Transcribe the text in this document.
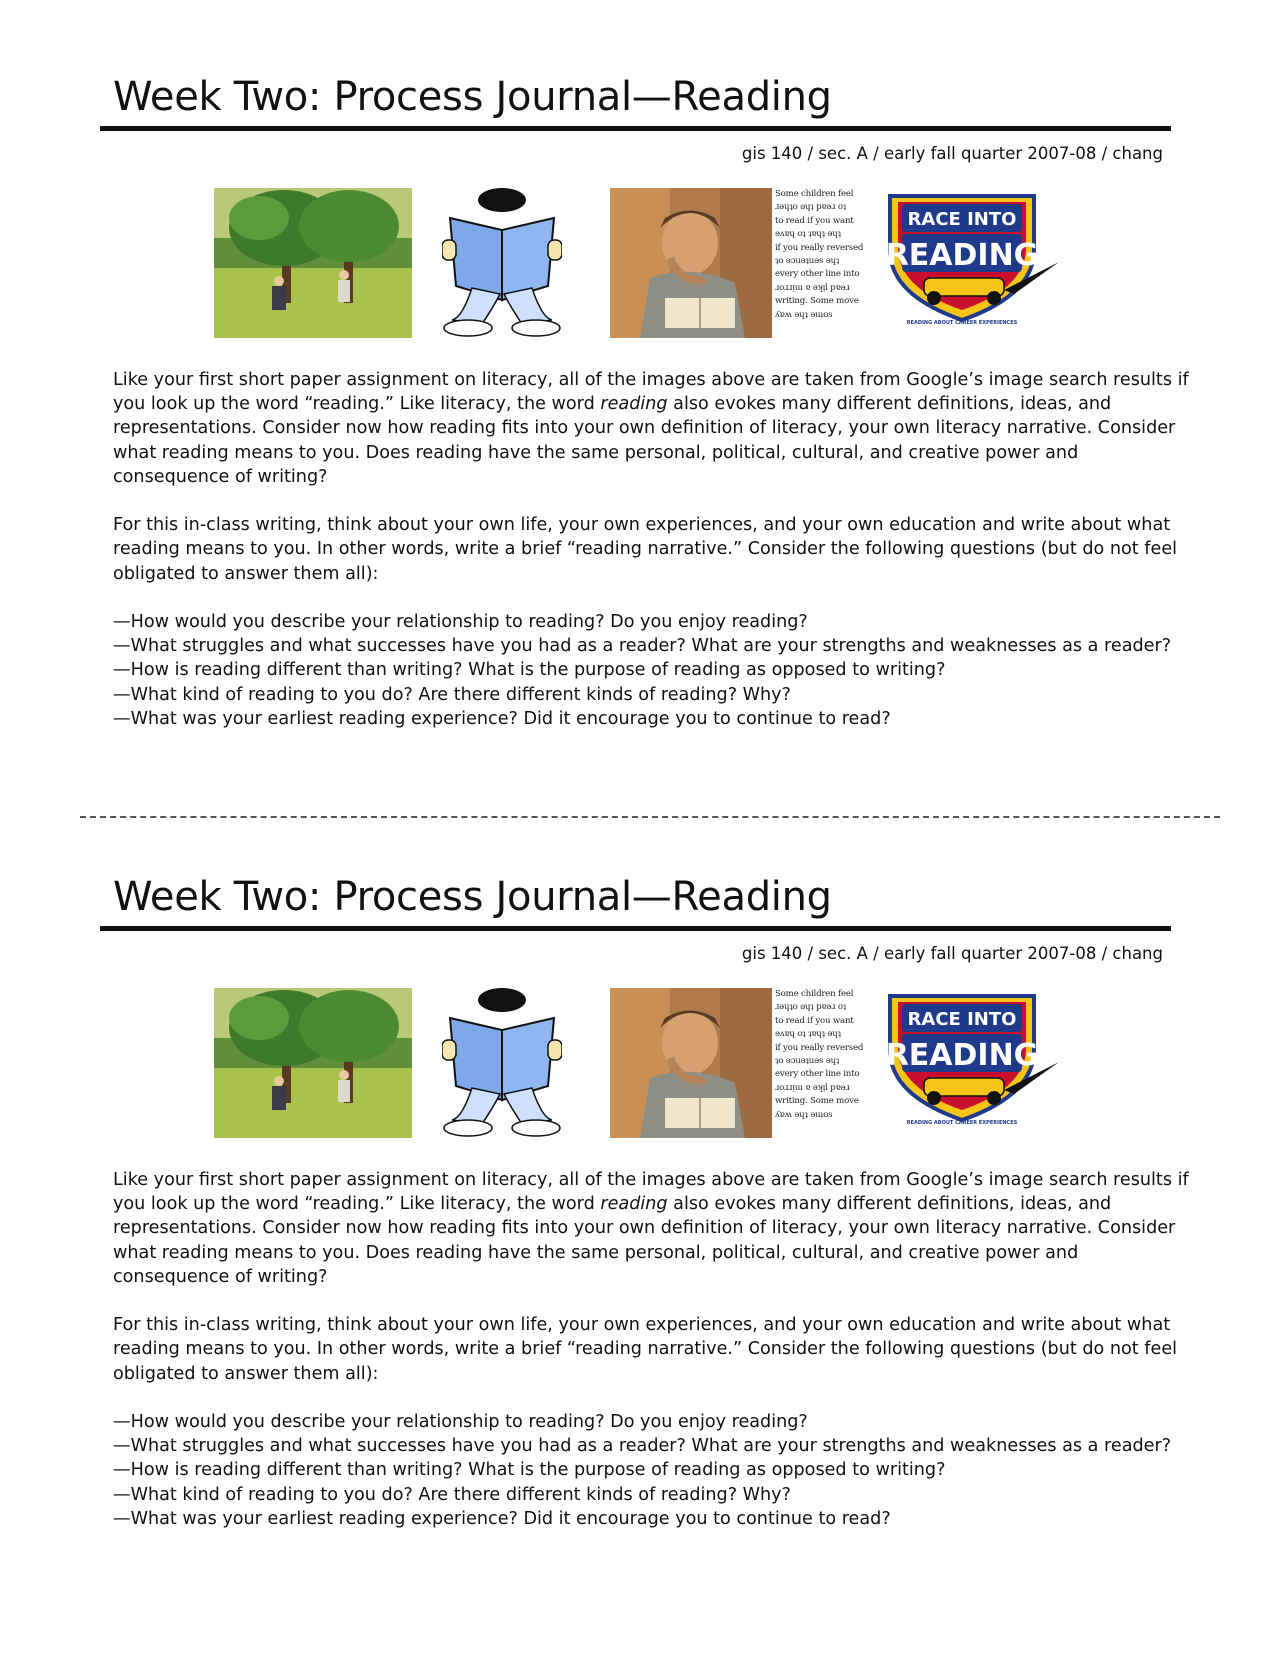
Week Two: Process Journal—Reading
gis 140 / sec. A / early fall quarter 2007-08 / chang
Some children feel
ɹǝɥʇo ǝɥʇ pɐǝɹ oʇ
to read if you want
ǝʌɐɥ oʇ ʇɐɥʇ ǝɥʇ
if you really reversed
ʇo ǝɔuǝʇuǝs ǝɥʇ
every other line into
ɹoɹɹᴉɯ ɐ ǝʞᴉl pɐǝɹ
writing. Some move
ʎɐʍ ǝɥʇ ǝɯos
RACE INTO
READING
READING ABOUT CAREER EXPERIENCES

Like your first short paper assignment on literacy, all of the images above are taken from Google’s image search results if you look up the word “reading.” Like literacy, the word reading also evokes many different definitions, ideas, and representations. Consider now how reading fits into your own definition of literacy, your own literacy narrative. Consider what reading means to you. Does reading have the same personal, political, cultural, and creative power and consequence of writing?

For this in-class writing, think about your own life, your own experiences, and your own education and write about what reading means to you. In other words, write a brief “reading narrative.” Consider the following questions (but do not feel obligated to answer them all):

—How would you describe your relationship to reading? Do you enjoy reading?
—What struggles and what successes have you had as a reader? What are your strengths and weaknesses as a reader?
—How is reading different than writing? What is the purpose of reading as opposed to writing?
—What kind of reading to you do? Are there different kinds of reading? Why?
—What was your earliest reading experience? Did it encourage you to continue to read?
Week Two: Process Journal—Reading
gis 140 / sec. A / early fall quarter 2007-08 / chang
Some children feel
ɹǝɥʇo ǝɥʇ pɐǝɹ oʇ
to read if you want
ǝʌɐɥ oʇ ʇɐɥʇ ǝɥʇ
if you really reversed
ʇo ǝɔuǝʇuǝs ǝɥʇ
every other line into
ɹoɹɹᴉɯ ɐ ǝʞᴉl pɐǝɹ
writing. Some move
ʎɐʍ ǝɥʇ ǝɯos
RACE INTO
READING
READING ABOUT CAREER EXPERIENCES

Like your first short paper assignment on literacy, all of the images above are taken from Google’s image search results if you look up the word “reading.” Like literacy, the word reading also evokes many different definitions, ideas, and representations. Consider now how reading fits into your own definition of literacy, your own literacy narrative. Consider what reading means to you. Does reading have the same personal, political, cultural, and creative power and consequence of writing?

For this in-class writing, think about your own life, your own experiences, and your own education and write about what reading means to you. In other words, write a brief “reading narrative.” Consider the following questions (but do not feel obligated to answer them all):

—How would you describe your relationship to reading? Do you enjoy reading?
—What struggles and what successes have you had as a reader? What are your strengths and weaknesses as a reader?
—How is reading different than writing? What is the purpose of reading as opposed to writing?
—What kind of reading to you do? Are there different kinds of reading? Why?
—What was your earliest reading experience? Did it encourage you to continue to read?
